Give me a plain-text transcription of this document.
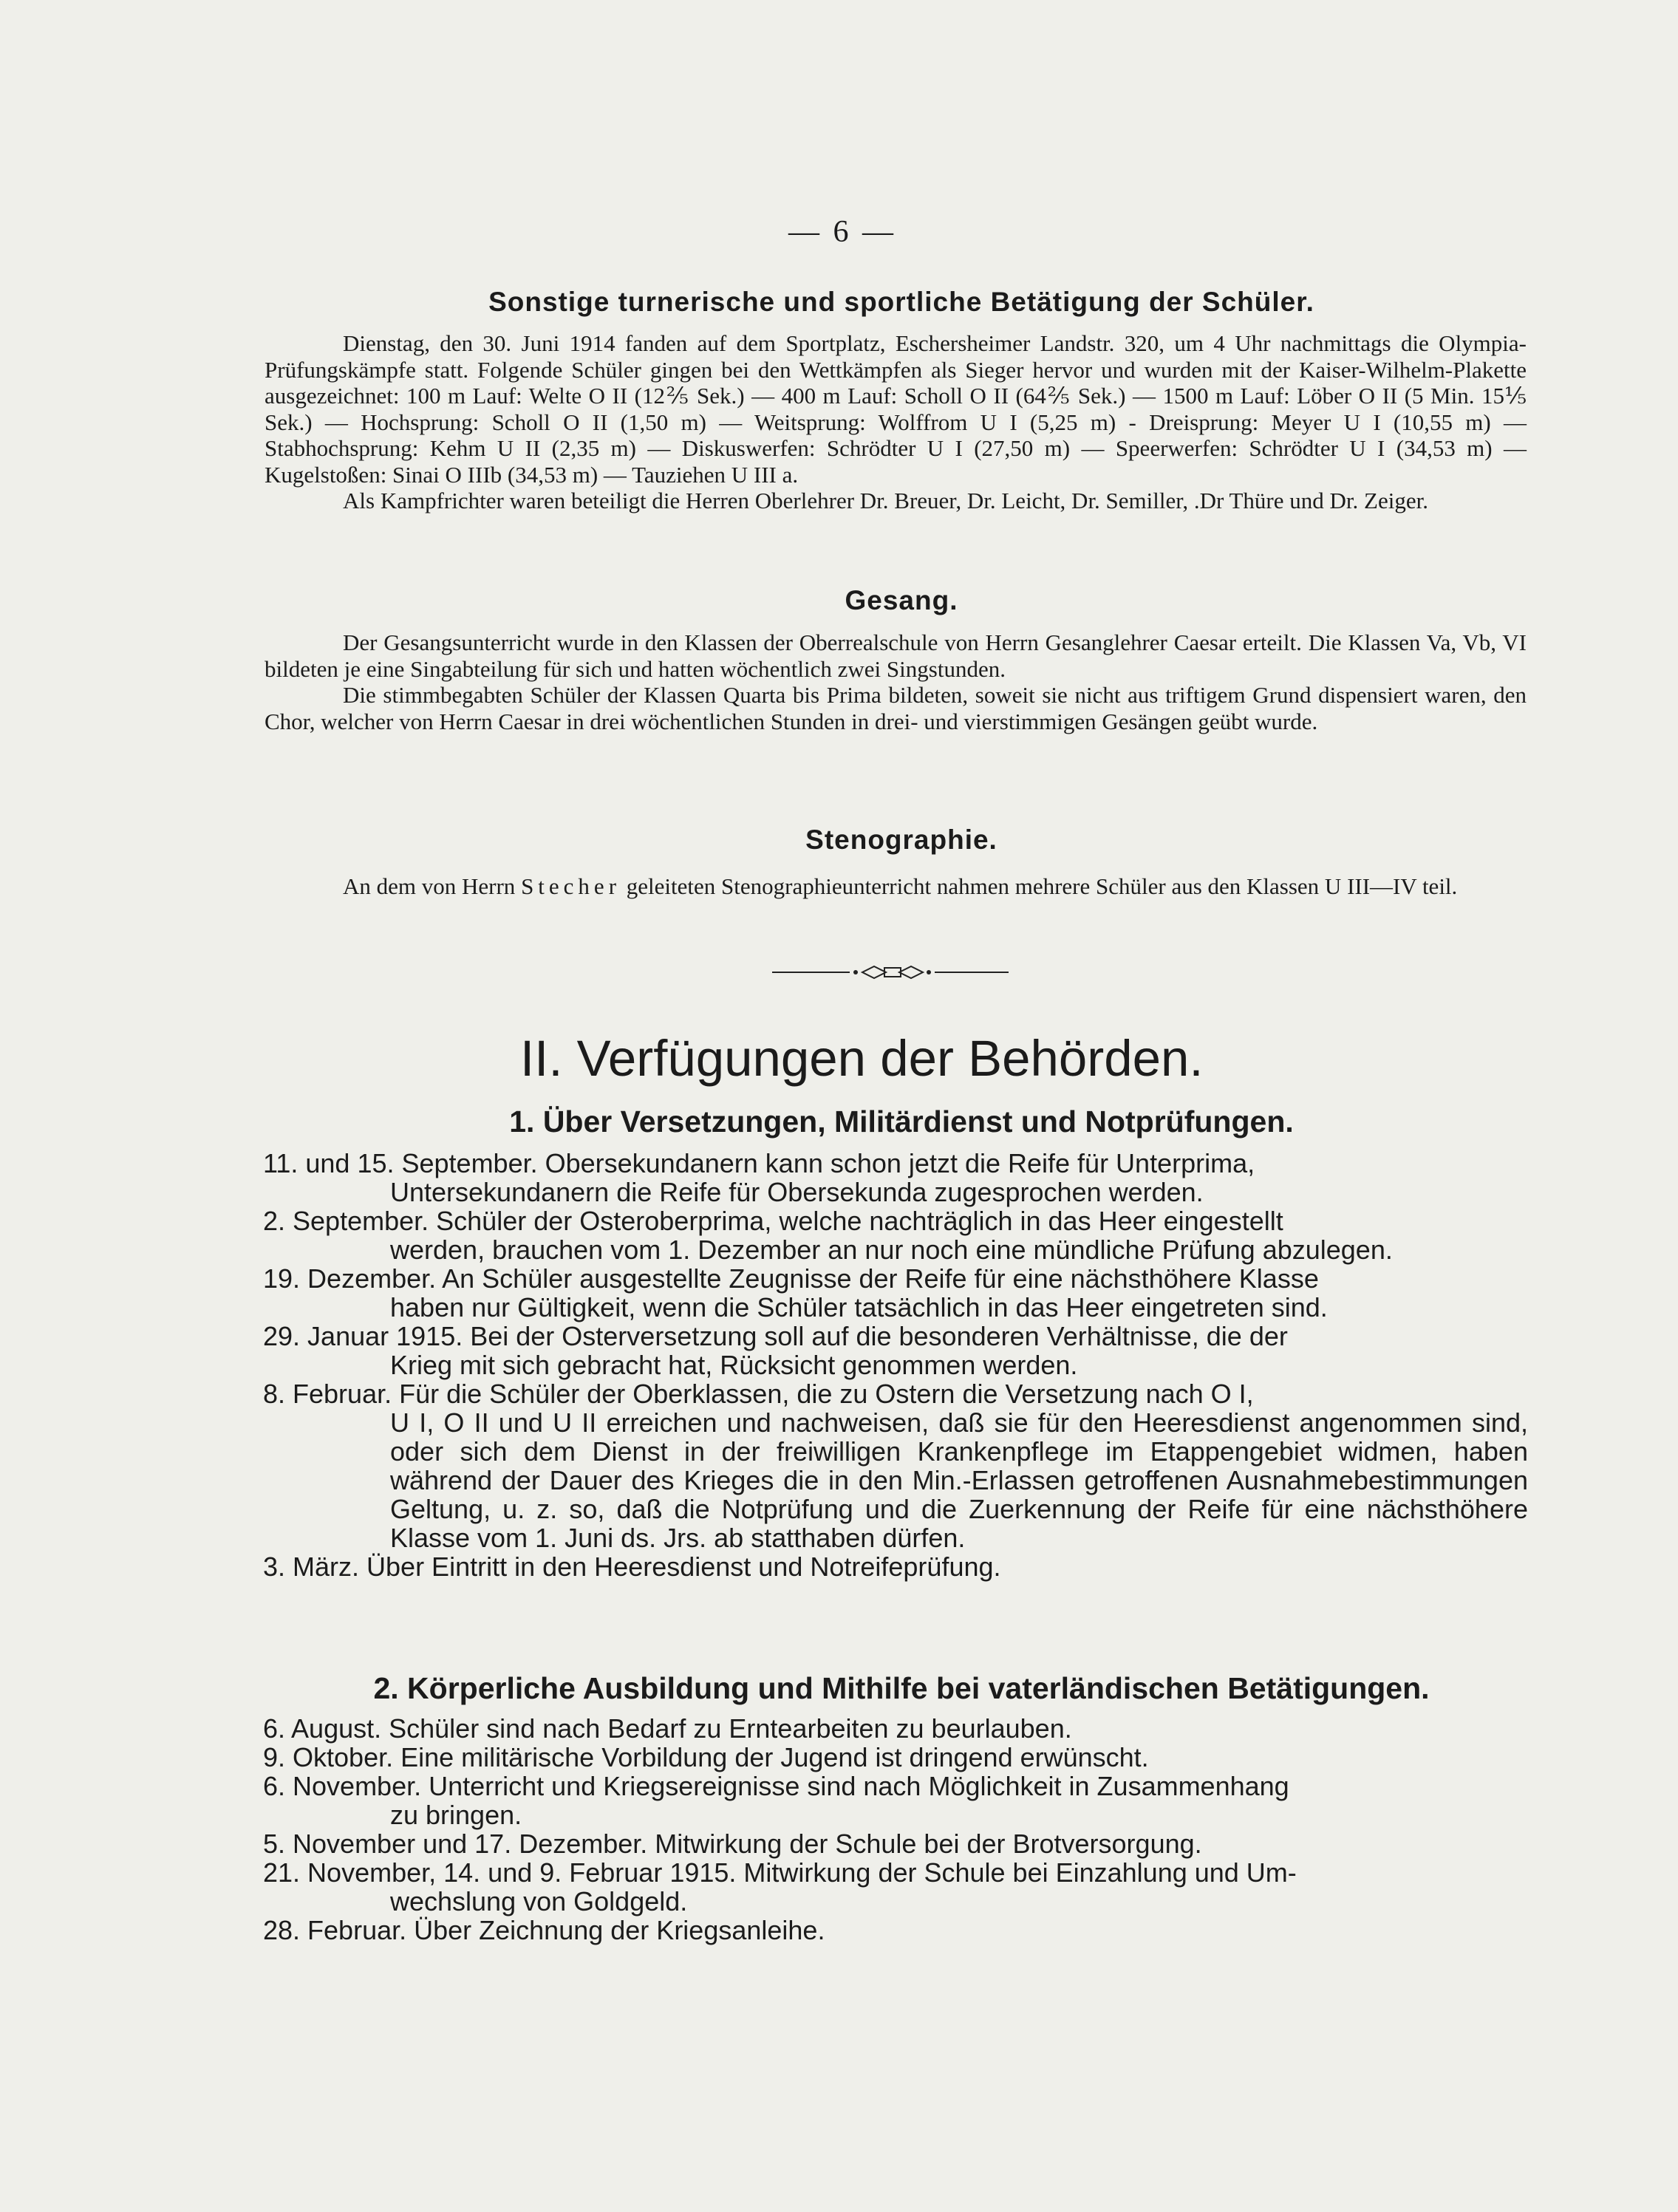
— 6 —
Sonstige turnerische und sportliche Betätigung der Schüler.

Dienstag, den 30. Juni 1914 fanden auf dem Sportplatz, Eschersheimer Landstr. 320, um 4 Uhr nachmittags die Olympia-Prüfungskämpfe statt. Folgende Schüler gingen bei den Wettkämpfen als Sieger hervor und wurden mit der Kaiser-Wilhelm-Plakette ausgezeichnet: 100 m Lauf: Welte O II (12⅖ Sek.) — 400 m Lauf: Scholl O II (64⅖ Sek.) — 1500 m Lauf: Löber O II (5 Min. 15⅕ Sek.) — Hochsprung: Scholl O II (1,50 m) — Weitsprung: Wolffrom U I (5,25 m) - Dreisprung: Meyer U I (10,55 m) — Stabhochsprung: Kehm U II (2,35 m) — Diskuswerfen: Schrödter U I (27,50 m) — Speerwerfen: Schrödter U I (34,53 m) — Kugelstoßen: Sinai O IIIb (34,53 m) — Tauziehen U III a.

Als Kampfrichter waren beteiligt die Herren Oberlehrer Dr. Breuer, Dr. Leicht, Dr. Semiller, .Dr Thüre und Dr. Zeiger.

Gesang.

Der Gesangsunterricht wurde in den Klassen der Oberrealschule von Herrn Gesanglehrer Caesar erteilt. Die Klassen Va, Vb, VI bildeten je eine Singabteilung für sich und hatten wöchentlich zwei Singstunden.

Die stimmbegabten Schüler der Klassen Quarta bis Prima bildeten, soweit sie nicht aus triftigem Grund dispensiert waren, den Chor, welcher von Herrn Caesar in drei wöchentlichen Stunden in drei- und vierstimmigen Gesängen geübt wurde.

Stenographie.

An dem von Herrn Stecher geleiteten Stenographieunterricht nahmen mehrere Schüler aus den Klassen U III—IV teil.

II. Verfügungen der Behörden.
1. Über Versetzungen, Militärdienst und Notprüfungen.
11. und 15. September. Obersekundanern kann schon jetzt die Reife für Unterprima,
Untersekundanern die Reife für Obersekunda zugesprochen werden.
2. September. Schüler der Osteroberprima, welche nachträglich in das Heer eingestellt
werden, brauchen vom 1. Dezember an nur noch eine mündliche Prüfung abzulegen.
19. Dezember. An Schüler ausgestellte Zeugnisse der Reife für eine nächsthöhere Klasse
haben nur Gültigkeit, wenn die Schüler tatsächlich in das Heer eingetreten sind.
29. Januar 1915. Bei der Osterversetzung soll auf die besonderen Verhältnisse, die der
Krieg mit sich gebracht hat, Rücksicht genommen werden.
8. Februar. Für die Schüler der Oberklassen, die zu Ostern die Versetzung nach O I,
U I, O II und U II erreichen und nachweisen, daß sie für den Heeresdienst angenommen sind, oder sich dem Dienst in der freiwilligen Krankenpflege im Etappengebiet widmen, haben während der Dauer des Krieges die in den Min.-Erlassen getroffenen Ausnahmebestimmungen Geltung, u. z. so, daß die Notprüfung und die Zuerkennung der Reife für eine nächsthöhere Klasse vom 1. Juni ds. Jrs. ab statthaben dürfen.
3. März. Über Eintritt in den Heeresdienst und Notreifeprüfung.
2. Körperliche Ausbildung und Mithilfe bei vaterländischen Betätigungen.
6. August. Schüler sind nach Bedarf zu Erntearbeiten zu beurlauben.
9. Oktober. Eine militärische Vorbildung der Jugend ist dringend erwünscht.
6. November. Unterricht und Kriegsereignisse sind nach Möglichkeit in Zusammenhang
zu bringen.
5. November und 17. Dezember. Mitwirkung der Schule bei der Brotversorgung.
21. November, 14. und 9. Februar 1915. Mitwirkung der Schule bei Einzahlung und Um-
wechslung von Goldgeld.
28. Februar. Über Zeichnung der Kriegsanleihe.
